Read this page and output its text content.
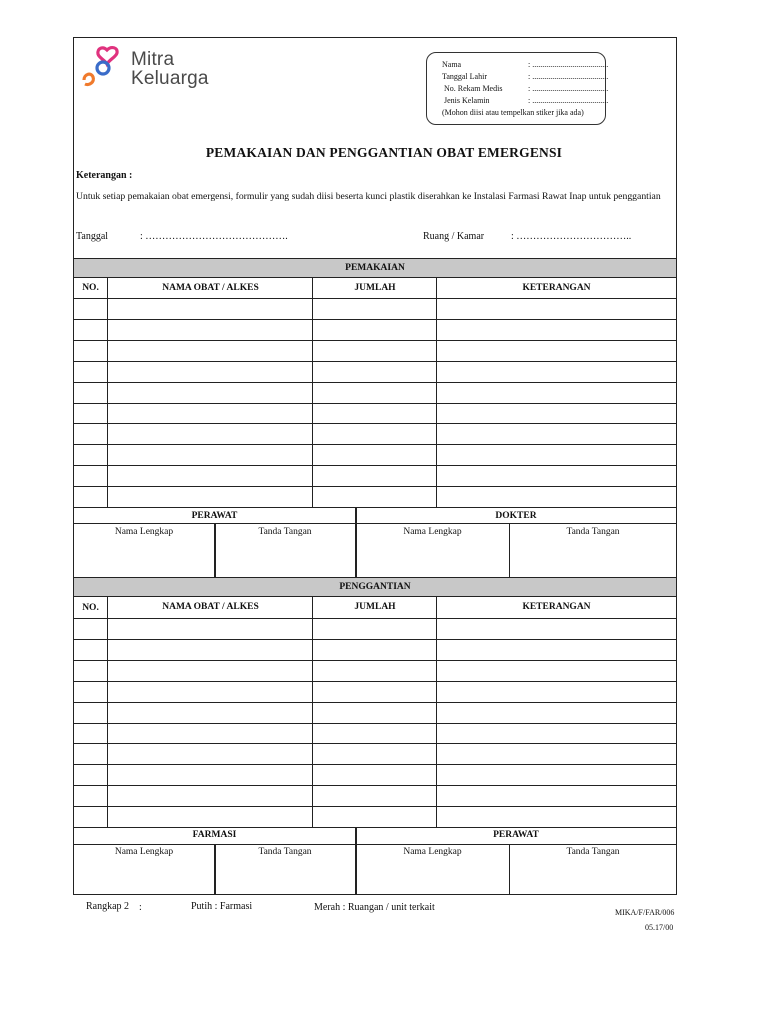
Mitra
Keluarga
Nama	: ......................................
Tanggal Lahir	: ......................................
No. Rekam Medis	: ......................................
Jenis Kelamin	: ......................................
(Mohon diisi atau tempelkan stiker jika ada)
PEMAKAIAN DAN PENGGANTIAN OBAT EMERGENSI
Keterangan :
Untuk setiap pemakaian obat emergensi, formulir yang sudah diisi beserta kunci plastik diserahkan ke Instalasi Farmasi Rawat Inap untuk penggantian
Tanggal	: …………………………………….	Ruang / Kamar	: ……………………………..
PEMAKAIAN
NO.	NAMA OBAT / ALKES	JUMLAH	KETERANGAN
PERAWAT	DOKTER
Nama Lengkap	Tanda Tangan	Nama Lengkap	Tanda Tangan
PENGGANTIAN
NO.	NAMA OBAT / ALKES	JUMLAH	KETERANGAN
FARMASI	PERAWAT
Nama Lengkap	Tanda Tangan	Nama Lengkap	Tanda Tangan
Rangkap 2 :	Putih : Farmasi	Merah : Ruangan / unit terkait	MIKA/F/FAR/006
05.17/00
